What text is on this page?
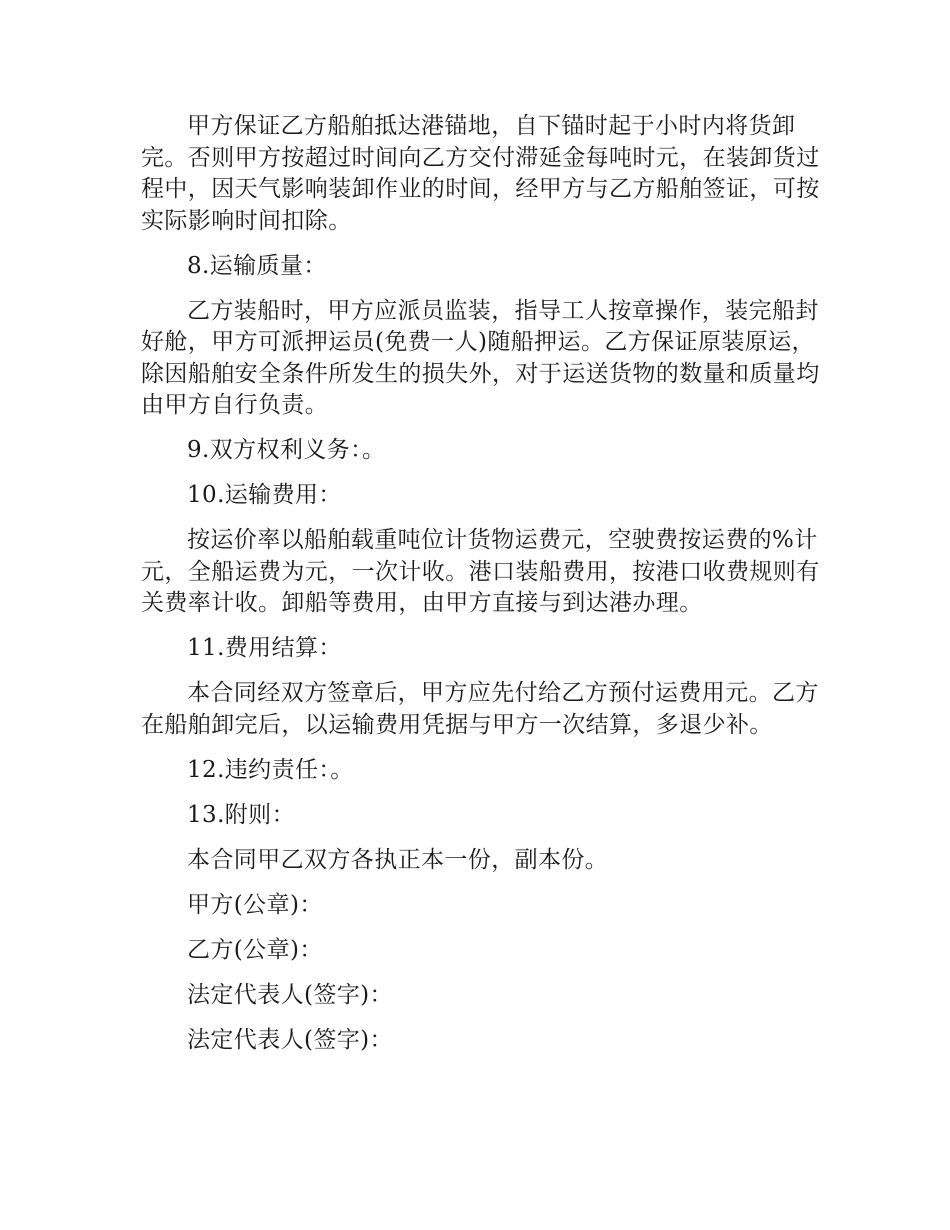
甲方保证乙方船舶抵达港锚地，自下锚时起于小时内将货卸完。否则甲方按超过时间向乙方交付滞延金每吨时元，在装卸货过程中，因天气影响装卸作业的时间，经甲方与乙方船舶签证，可按实际影响时间扣除。

8.运输质量：

乙方装船时，甲方应派员监装，指导工人按章操作，装完船封好舱，甲方可派押运员(免费一人)随船押运。乙方保证原装原运，除因船舶安全条件所发生的损失外，对于运送货物的数量和质量均由甲方自行负责。

9.双方权利义务：。

10.运输费用：

按运价率以船舶载重吨位计货物运费元，空驶费按运费的%计元，全船运费为元，一次计收。港口装船费用，按港口收费规则有关费率计收。卸船等费用，由甲方直接与到达港办理。

11.费用结算：

本合同经双方签章后，甲方应先付给乙方预付运费用元。乙方在船舶卸完后，以运输费用凭据与甲方一次结算，多退少补。

12.违约责任：。

13.附则：

本合同甲乙双方各执正本一份，副本份。

甲方(公章)：

乙方(公章)：

法定代表人(签字)：

法定代表人(签字)：
